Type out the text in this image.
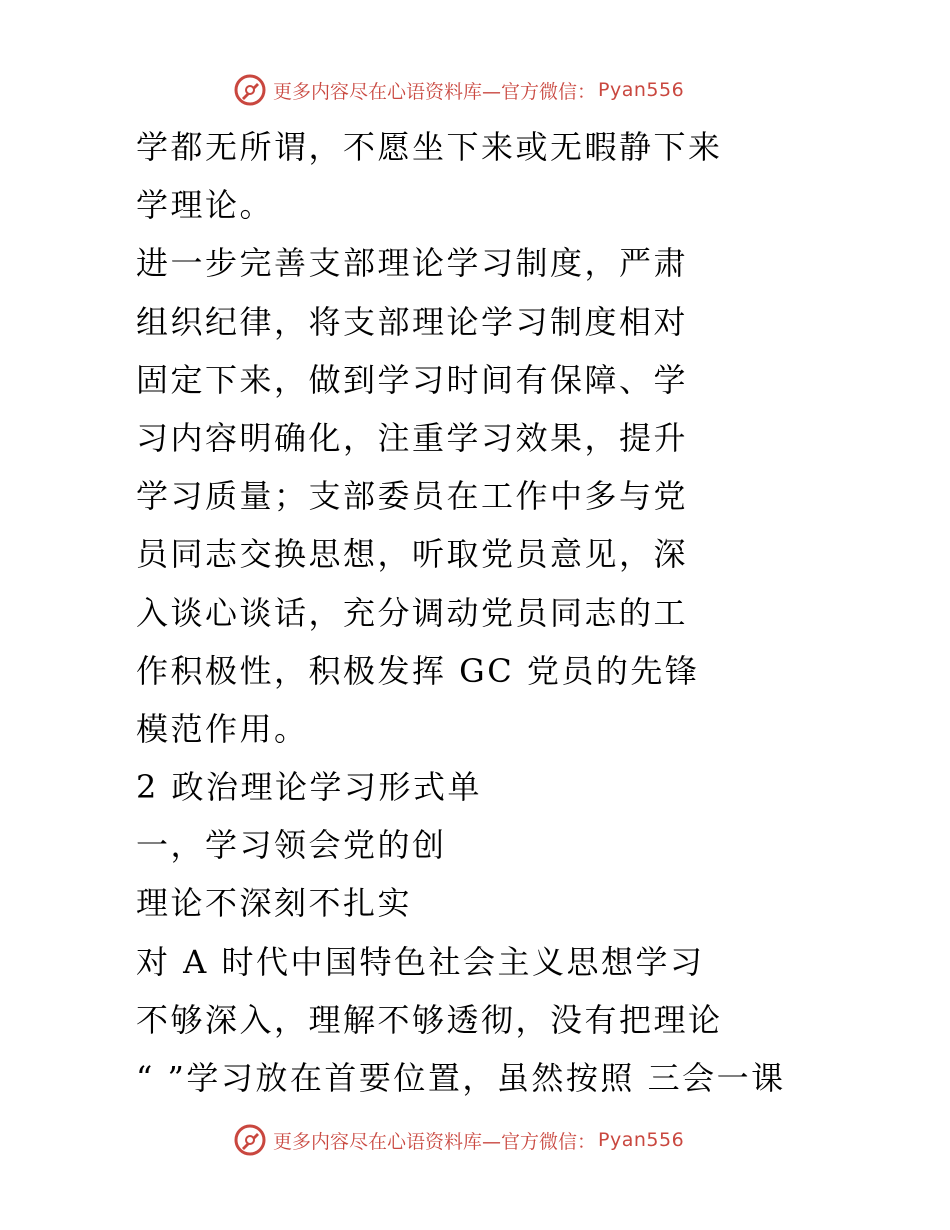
更多内容尽在心语资料库—官方微信： Pyan556
学都无所谓，不愿坐下来或无暇静下来
学理论。
进一步完善支部理论学习制度，严肃
组织纪律，将支部理论学习制度相对
固定下来，做到学习时间有保障、学
习内容明确化，注重学习效果，提升
学习质量；支部委员在工作中多与党
员同志交换思想，听取党员意见，深
入谈心谈话，充分调动党员同志的工
作积极性，积极发挥 GC 党员的先锋
模范作用。
2 政治理论学习形式单
一，学习领会党的创
理论不深刻不扎实
对 A 时代中国特色社会主义思想学习
不够深入，理解不够透彻，没有把理论
“ ”学习放在首要位置，虽然按照 三会一课
更多内容尽在心语资料库—官方微信： Pyan556
